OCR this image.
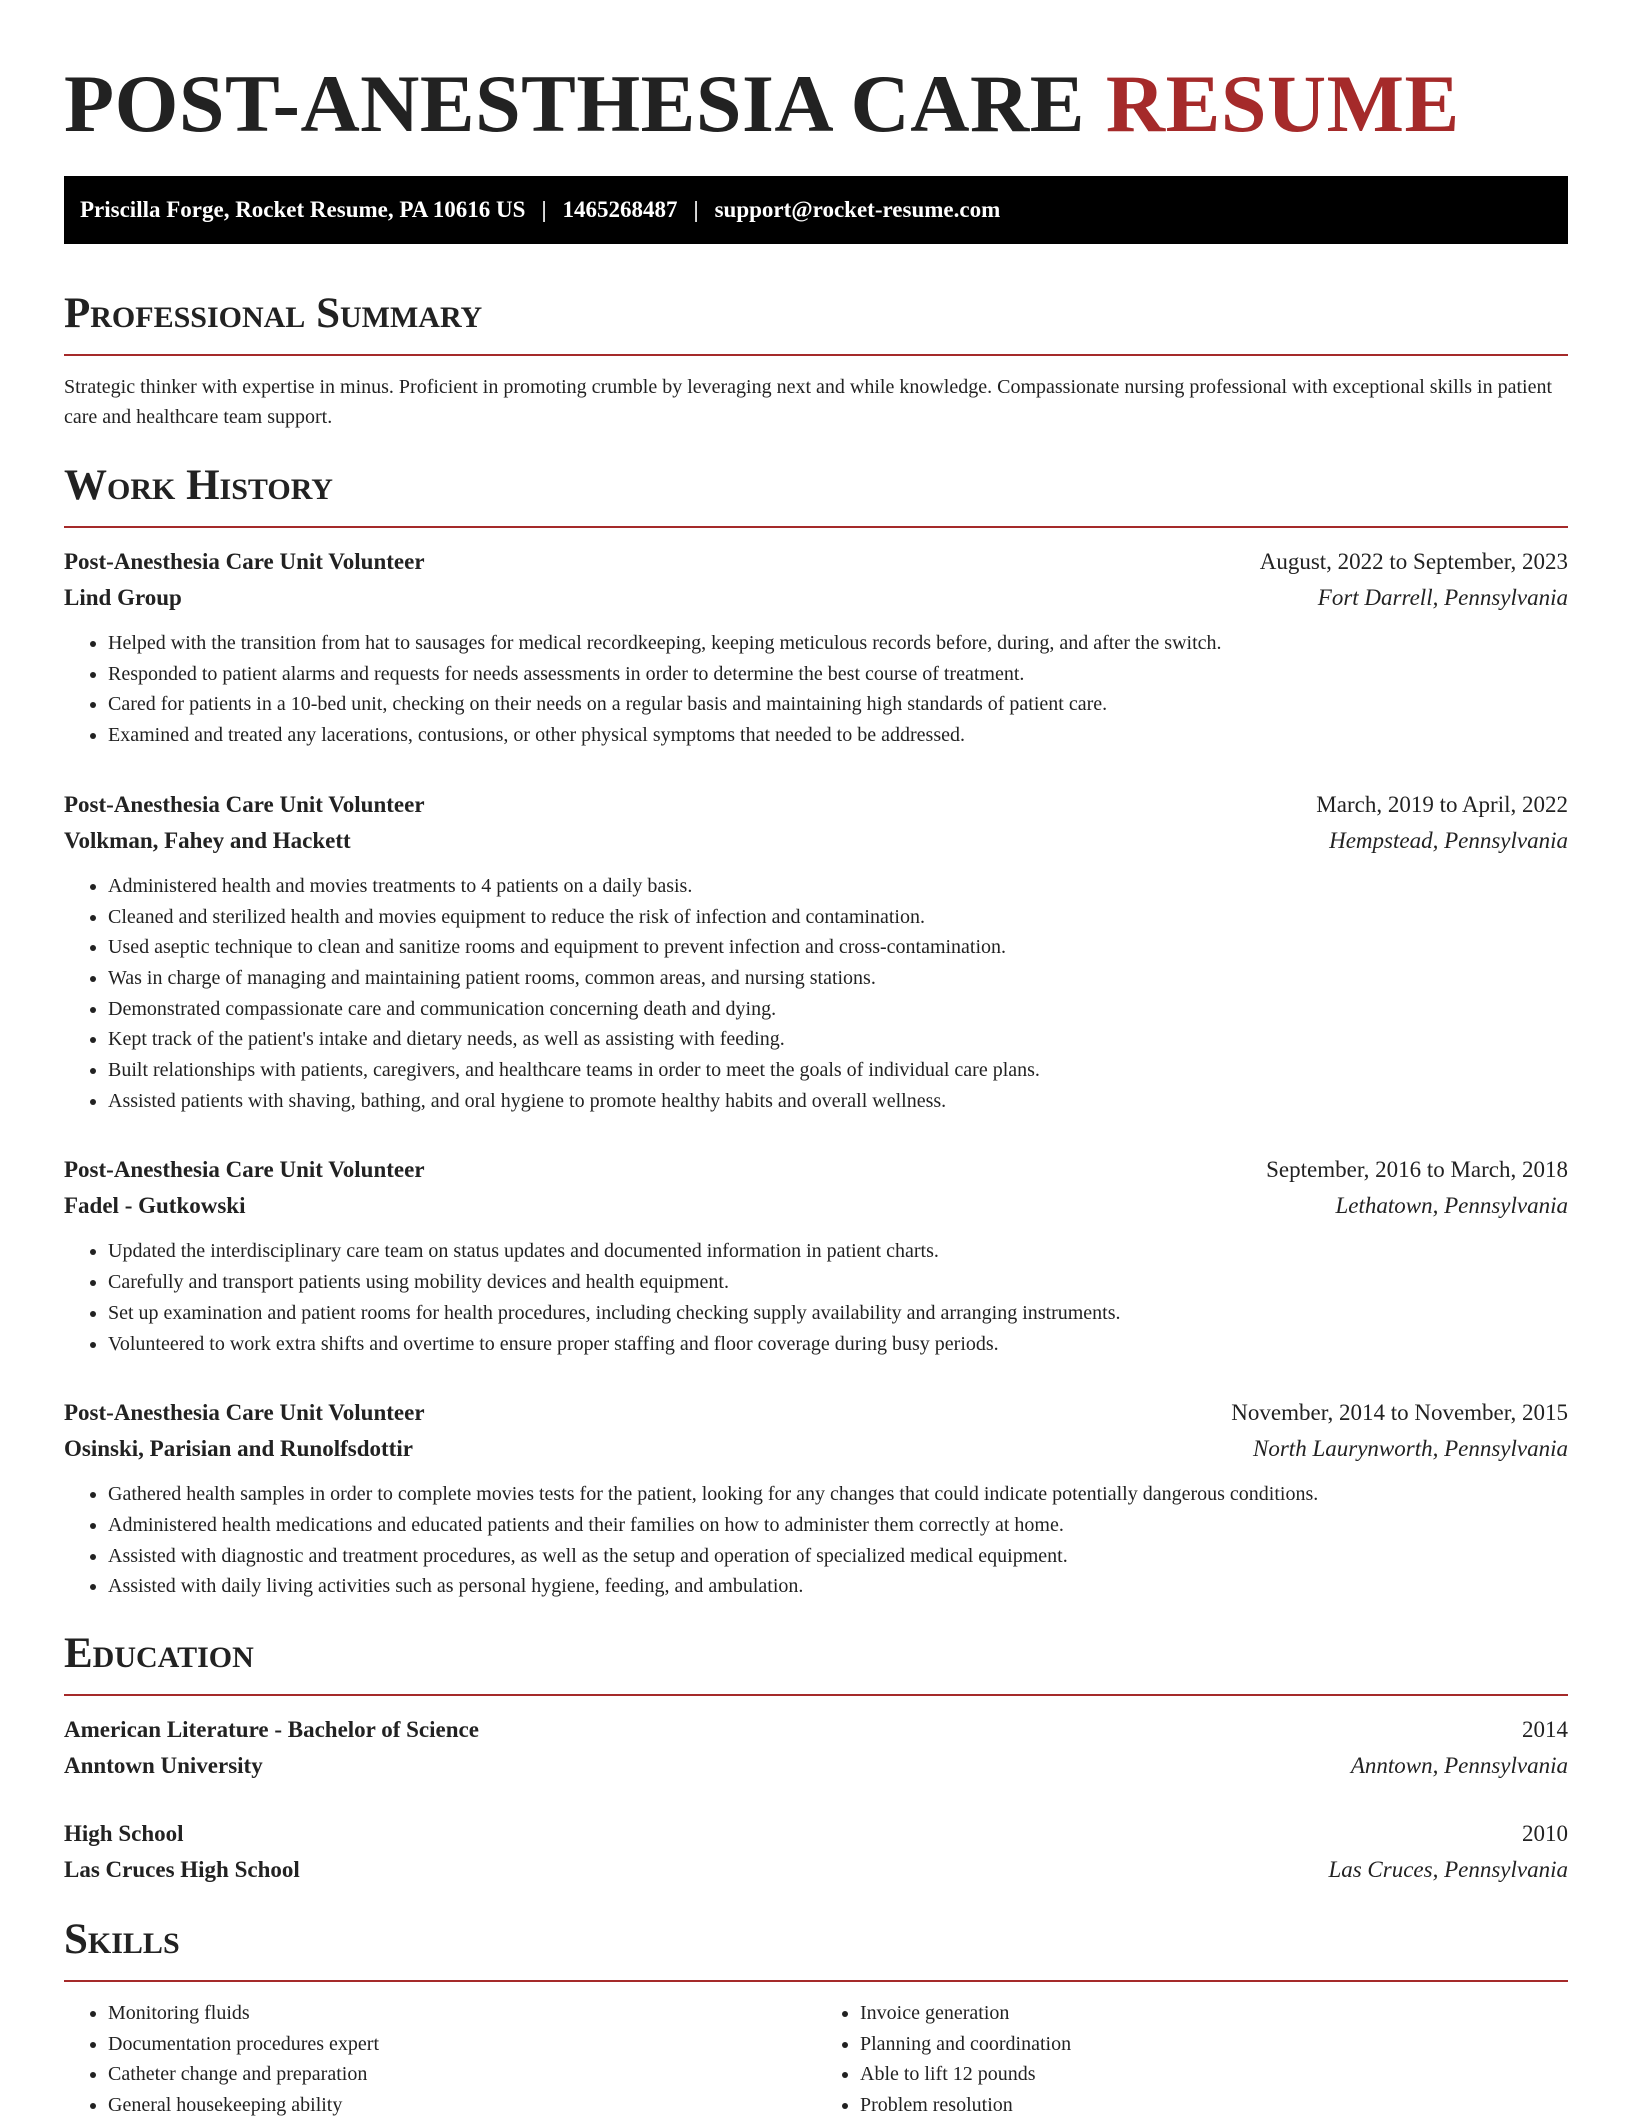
POST-ANESTHESIA CARE RESUME
Priscilla Forge, Rocket Resume, PA 10616 US | 1465268487 | support@rocket-resume.com
Professional Summary

Strategic thinker with expertise in minus. Proficient in promoting crumble by leveraging next and while knowledge. Compassionate nursing professional with exceptional skills in patient care and healthcare team support.

Work History
Post-Anesthesia Care Unit Volunteer	August, 2022 to September, 2023
Lind Group	Fort Darrell, Pennsylvania
• Helped with the transition from hat to sausages for medical recordkeeping, keeping meticulous records before, during, and after the switch.
• Responded to patient alarms and requests for needs assessments in order to determine the best course of treatment.
• Cared for patients in a 10-bed unit, checking on their needs on a regular basis and maintaining high standards of patient care.
• Examined and treated any lacerations, contusions, or other physical symptoms that needed to be addressed.
Post-Anesthesia Care Unit Volunteer	March, 2019 to April, 2022
Volkman, Fahey and Hackett	Hempstead, Pennsylvania
• Administered health and movies treatments to 4 patients on a daily basis.
• Cleaned and sterilized health and movies equipment to reduce the risk of infection and contamination.
• Used aseptic technique to clean and sanitize rooms and equipment to prevent infection and cross-contamination.
• Was in charge of managing and maintaining patient rooms, common areas, and nursing stations.
• Demonstrated compassionate care and communication concerning death and dying.
• Kept track of the patient's intake and dietary needs, as well as assisting with feeding.
• Built relationships with patients, caregivers, and healthcare teams in order to meet the goals of individual care plans.
• Assisted patients with shaving, bathing, and oral hygiene to promote healthy habits and overall wellness.
Post-Anesthesia Care Unit Volunteer	September, 2016 to March, 2018
Fadel - Gutkowski	Lethatown, Pennsylvania
• Updated the interdisciplinary care team on status updates and documented information in patient charts.
• Carefully and transport patients using mobility devices and health equipment.
• Set up examination and patient rooms for health procedures, including checking supply availability and arranging instruments.
• Volunteered to work extra shifts and overtime to ensure proper staffing and floor coverage during busy periods.
Post-Anesthesia Care Unit Volunteer	November, 2014 to November, 2015
Osinski, Parisian and Runolfsdottir	North Laurynworth, Pennsylvania
• Gathered health samples in order to complete movies tests for the patient, looking for any changes that could indicate potentially dangerous conditions.
• Administered health medications and educated patients and their families on how to administer them correctly at home.
• Assisted with diagnostic and treatment procedures, as well as the setup and operation of specialized medical equipment.
• Assisted with daily living activities such as personal hygiene, feeding, and ambulation.
Education
American Literature - Bachelor of Science	2014
Anntown University	Anntown, Pennsylvania
High School	2010
Las Cruces High School	Las Cruces, Pennsylvania
Skills
• Monitoring fluids
• Documentation procedures expert
• Catheter change and preparation
• General housekeeping ability
• Invoice generation
• Planning and coordination
• Able to lift 12 pounds
• Problem resolution
